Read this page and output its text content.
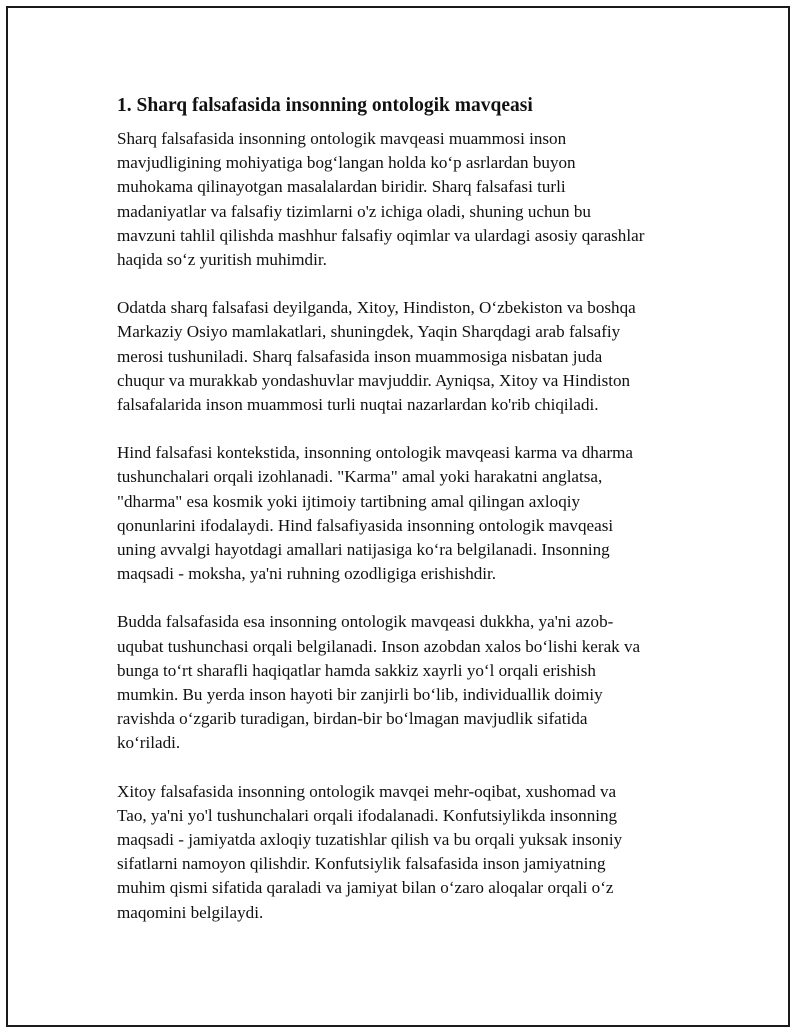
1. Sharq falsafasida insonning ontologik mavqeasi
Sharq falsafasida insonning ontologik mavqeasi muammosi inson
mavjudligining mohiyatiga bog‘langan holda ko‘p asrlardan buyon
muhokama qilinayotgan masalalardan biridir. Sharq falsafasi turli
madaniyatlar va falsafiy tizimlarni o'z ichiga oladi, shuning uchun bu
mavzuni tahlil qilishda mashhur falsafiy oqimlar va ulardagi asosiy qarashlar
haqida so‘z yuritish muhimdir.
Odatda sharq falsafasi deyilganda, Xitoy, Hindiston, O‘zbekiston va boshqa
Markaziy Osiyo mamlakatlari, shuningdek, Yaqin Sharqdagi arab falsafiy
merosi tushuniladi. Sharq falsafasida inson muammosiga nisbatan juda
chuqur va murakkab yondashuvlar mavjuddir. Ayniqsa, Xitoy va Hindiston
falsafalarida inson muammosi turli nuqtai nazarlardan ko'rib chiqiladi.
Hind falsafasi kontekstida, insonning ontologik mavqeasi karma va dharma
tushunchalari orqali izohlanadi. "Karma" amal yoki harakatni anglatsa,
"dharma" esa kosmik yoki ijtimoiy tartibning amal qilingan axloqiy
qonunlarini ifodalaydi. Hind falsafiyasida insonning ontologik mavqeasi
uning avvalgi hayotdagi amallari natijasiga ko‘ra belgilanadi. Insonning
maqsadi - moksha, ya'ni ruhning ozodligiga erishishdir.
Budda falsafasida esa insonning ontologik mavqeasi dukkha, ya'ni azob-
uqubat tushunchasi orqali belgilanadi. Inson azobdan xalos bo‘lishi kerak va
bunga to‘rt sharafli haqiqatlar hamda sakkiz xayrli yo‘l orqali erishish
mumkin. Bu yerda inson hayoti bir zanjirli bo‘lib, individuallik doimiy
ravishda o‘zgarib turadigan, birdan-bir bo‘lmagan mavjudlik sifatida
ko‘riladi.
Xitoy falsafasida insonning ontologik mavqei mehr-oqibat, xushomad va
Tao, ya'ni yo'l tushunchalari orqali ifodalanadi. Konfutsiylikda insonning
maqsadi - jamiyatda axloqiy tuzatishlar qilish va bu orqali yuksak insoniy
sifatlarni namoyon qilishdir. Konfutsiylik falsafasida inson jamiyatning
muhim qismi sifatida qaraladi va jamiyat bilan o‘zaro aloqalar orqali o‘z
maqomini belgilaydi.
